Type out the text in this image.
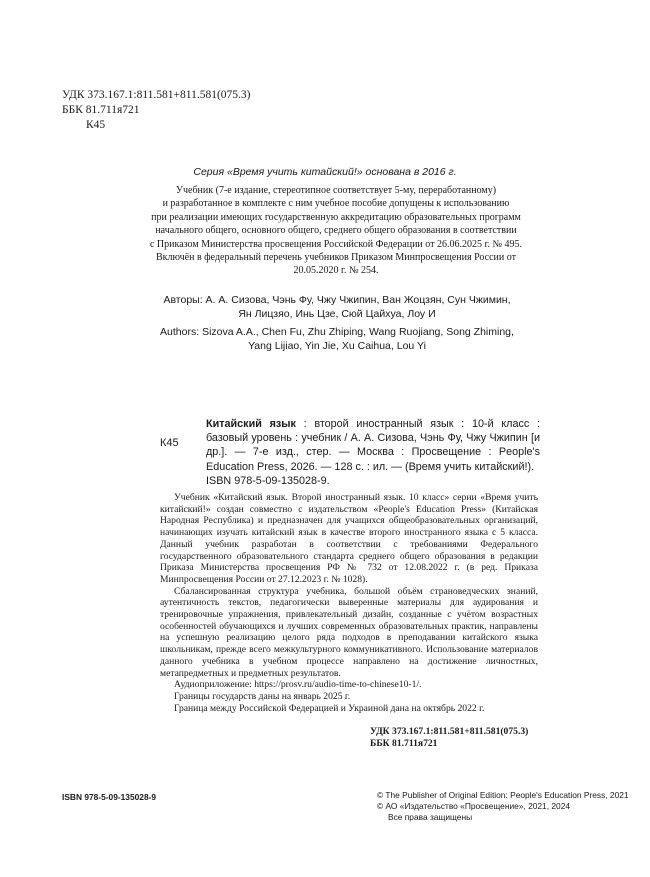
УДК 373.167.1:811.581+811.581(075.3)
ББК 81.711я721
К45
Серия «Время учить китайский!» основана в 2016 г.
Учебник (7-е издание, стереотипное соответствует 5-му, переработанному)
и разработанное в комплекте с ним учебное пособие допущены к использованию
при реализации имеющих государственную аккредитацию образовательных программ
начального общего, основного общего, среднего общего образования в соответствии
с Приказом Министерства просвещения Российской Федерации от 26.06.2025 г. № 495.
Включён в федеральный перечень учебников Приказом Минпросвещения России от
20.05.2020 г. № 254.
Авторы: А. А. Сизова, Чэнь Фу, Чжу Чжипин, Ван Жоцзян, Сун Чжимин,
Ян Лицзяо, Инь Цзе, Сюй Цайхуа, Лоу И
Authors: Sizova A.A., Chen Fu, Zhu Zhiping, Wang Ruojiang, Song Zhiming,
Yang Lijiao, Yin Jie, Xu Caihua, Lou Yi
К45
Китайский язык : второй иностранный язык : 10-й класс : базовый уровень : учебник / А. А. Сизова, Чэнь Фу, Чжу Чжипин [и др.]. — 7-е изд., стер. — Москва : Просвещение : People's Education Press, 2026. — 128 с. : ил. — (Время учить китайский!).
ISBN 978-5-09-135028-9.

Учебник «Китайский язык. Второй иностранный язык. 10 класс» серии «Время учить китайский!» создан совместно с издательством «People's Education Press» (Китайская Народная Республика) и предназначен для учащихся общеобразовательных организаций, начинающих изучать китайский язык в качестве второго иностранного языка с 5 класса. Данный учебник разработан в соответствии с требованиями Федерального государственного образовательного стандарта среднего общего образования в редакции Приказа Министерства просвещения РФ № 732 от 12.08.2022 г. (в ред. Приказа Минпросвещения России от 27.12.2023 г. № 1028).

Сбалансированная структура учебника, большой объём страноведческих знаний, аутентичность текстов, педагогически выверенные материалы для аудирования и тренировочные упражнения, привлекательный дизайн, созданные с учётом возрастных особенностей обучающихся и лучших современных образовательных практик, направлены на успешную реализацию целого ряда подходов в преподавании китайского языка школьникам, прежде всего межкультурного коммуникативного. Использование материалов данного учебника в учебном процессе направлено на достижение личностных, метапредметных и предметных результатов.

Аудиоприложение: https://prosv.ru/audio-time-to-chinese10-1/.

Границы государств даны на январь 2025 г.

Граница между Российской Федерацией и Украиной дана на октябрь 2022 г.

УДК 373.167.1:811.581+811.581(075.3)
ББК 81.711я721
ISBN 978-5-09-135028-9	© The Publisher of Original Edition: People's Education Press, 2021
© АО «Издательство «Просвещение», 2021, 2024
Все права защищены
